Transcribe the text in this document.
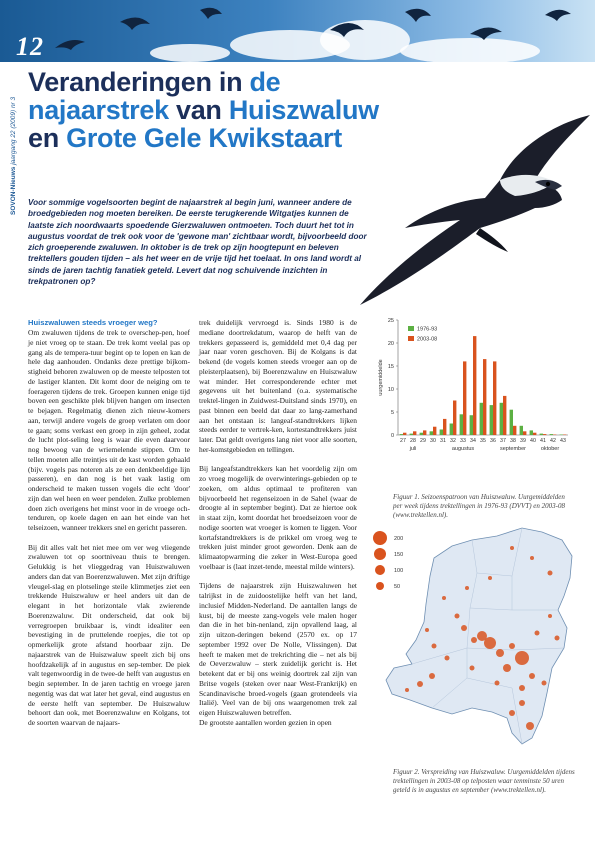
12
SOVON-Nieuws jaargang 22 (2009) nr 3
Veranderingen in de
najaarstrek van Huiszwaluw
en Grote Gele Kwikstaart
Voor sommige vogelsoorten begint de najaarstrek al begin juni, wanneer andere de broedgebieden nog moeten bereiken. De eerste terugkerende Witgatjes kunnen de laatste zich noordwaarts spoedende Gierzwaluwen ontmoeten. Toch duurt het tot in augustus voordat de trek ook voor de 'gewone man' zichtbaar wordt, bijvoorbeeld door zich groeperende zwaluwen. In oktober is de trek op zijn hoogtepunt en beleven trektellers gouden tijden – als het weer en de vrije tijd het toelaat. In ons land wordt al sinds de jaren tachtig fanatiek geteld. Levert dat nog schuivende inzichten in trekpatronen op?
Huiszwaluwen steeds vroeger weg?

Om zwaluwen tijdens de trek te overschep-pen, hoef je niet vroeg op te staan. De trek komt veelal pas op gang als de tempera-tuur begint op te lopen en kan de hele dag aanhouden. Ondanks deze prettige bijkom-stigheid behoren zwaluwen op de meeste telposten tot de lastiger klanten. Dit komt door de neiging om te foerageren tijdens de trek. Groepen kunnen enige tijd boven een geschikte plek blijven hangen om insecten te bejagen. Regelmatig dienen zich nieuw-komers aan, terwijl andere vogels de groep verlaten om door te gaan; soms verkast een groep in zijn geheel, zodat de lucht plot-seling leeg is waar die even daarvoor nog bewoog van de wriemelende stippen. Om te tellen moeten alle treintjes uit de kast worden gehaald (bijv. vogels pas noteren als ze een denkbeeldige lijn passeren), en dan nog is het vaak lastig om onderscheid te maken tussen vogels die echt 'door' zijn dan wel heen en weer pendelen. Zulke problemen doen zich overigens het minst voor in de vroege och-tenduren, op koele dagen en aan het einde van het telseizoen, wanneer trekkers snel en gericht passeren.

Bij dit alles valt het niet mee om ver weg vliegende zwaluwen tot op soortniveau thuis te brengen. Gelukkig is het vlieggedrag van Huiszwaluwen anders dan dat van Boerenzwaluwen. Met zijn driftige vleugel-slag en plotselinge steile klimmetjes ziet een trekkende Huiszwaluw er heel anders uit dan de elegant in het horizontale vlak zwierende Boerenzwaluw. Dit onderscheid, dat ook bij verregroepen bruikbaar is, vindt idealiter een bevestiging in de pruttelende roepjes, die tot op opmerkelijk grote afstand hoorbaar zijn. De najaarstrek van de Huiszwaluw speelt zich bij ons hoofdzakelijk af in augustus en sep-tember. De piek valt tegenwoordig in de twee-de helft van augustus en begin september. In de jaren tachtig en vroege jaren negentig was dat wat later het geval, eind augustus en de eerste helft van september. De Huiszwaluw behoort dan ook, met Boerenzwaluw en Kolgans, tot de soorten waarvan de najaars-

trek duidelijk vervroegd is. Sinds 1980 is de mediane doortrekdatum, waarop de helft van de trekkers gepasseerd is, gemiddeld met 0,4 dag per jaar naar voren geschoven. Bij de Kolgans is dat bekend (de vogels komen steeds vroeger aan op de pleisterplaatsen), bij Boerenzwaluw en Huiszwaluw wat minder. Het corresponderende echter met gegevens uit het buitenland (o.a. systematische trektel-lingen in Zuidwest-Duitsland sinds 1970), en past binnen een beeld dat daar zo lang-zamerhand aan het ontstaan is: langeaf-standtrekkers lijken steeds eerder te vertrek-ken, kortestandtrekkers juist later. Dat geldt overigens lang niet voor alle soorten, her-komstgebieden en tellingen.

Bij langeafstandtrekkers kan het voordelig zijn om zo vroeg mogelijk de overwinterings-gebieden op te zoeken, om aldus optimaal te profiteren van bijvoorbeeld het regenseizoen in de Sahel (waar de droogte al in september begint). Dat ze hiertoe ook in staat zijn, komt doordat het broedseizoen voor de nodige soorten wat vroeger is komen te liggen. Voor kortafstandtrekkers is de prikkel om vroeg weg te trekken juist minder groot geworden. Denk aan de klimaatopwarming die zeker in West-Europa goed voelbaar is (laat inzet-tende, meestal milde winters).

Tijdens de najaarstrek zijn Huiszwaluwen het talrijkst in de zuidoostelijke helft van het land, inclusief Midden-Nederland. De aantallen langs de kust, bij de meeste zang-vogels vele malen hoger dan die in het bin-nenland, zijn opvallend laag, al zijn uitzon-deringen bekend (2570 ex. op 17 september 1992 over De Nolle, Vlissingen). Dat heeft te maken met de trekrichting die – net als bij de Oeverzwaluw – sterk zuidelijk gericht is. Het betekent dat er bij ons weinig doortrek zal zijn van Britse vogels (steken over naar West-Frankrijk) en Scandinavische broed-vogels (gaan grotendeels via Italië). Veel van de bij ons waargenomen trek zal eigen Huiszwaluwen betreffen.

De grootste aantallen worden gezien in open

0
5
10
15
20
25
uurgemiddelde
27 28 29 30 31 32 33 34 35 36 37 38 39 40 41 42 43
juli	augustus	september	oktober
1976-93
2003-08
Figuur 1. Seizoenspatroon van Huiszwaluw. Uurgemiddelden per week tijdens trektellingen in 1976-93 (DVVT) en 2003-08 (www.trektellen.nl).
200
150
100
50
Figuur 2. Verspreiding van Huiszwaluw. Uurgemiddelden tijdens trektellingen in 2003-08 op telposten waar tenminste 50 uren geteld is in augustus en september (www.trektellen.nl).
